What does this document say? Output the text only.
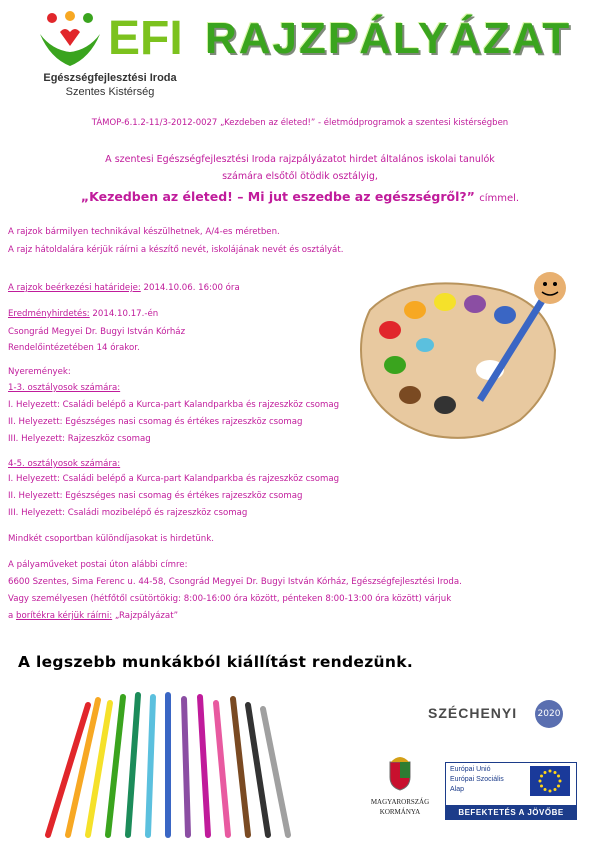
EFI
Egészségfejlesztési Iroda
Szentes Kistérség
RAJZPÁLYÁZAT
TÁMOP-6.1.2-11/3-2012-0027 „Kezdeben az életed!” - életmódprogramok a szentesi kistérségben
A szentesi Egészségfejlesztési Iroda rajzpályázatot hirdet általános iskolai tanulók
számára elsőtől ötödik osztályig,
„Kezedben az életed! – Mi jut eszedbe az egészségről?” címmel.
A rajzok bármilyen technikával készülhetnek, A/4-es méretben.
A rajz hátoldalára kérjük ráírni a készítő nevét, iskolájának nevét és osztályát.
A rajzok beérkezési határideje: 2014.10.06. 16:00 óra
Eredményhirdetés: 2014.10.17.-én
Csongrád Megyei Dr. Bugyi István Kórház
Rendelőintézetében 14 órakor.
Nyeremények:
1-3. osztályosok számára:
I. Helyezett: Családi belépő a Kurca-part Kalandparkba és rajzeszköz csomag
II. Helyezett: Egészséges nasi csomag és értékes rajzeszköz csomag
III. Helyezett: Rajzeszköz csomag
4-5. osztályosok számára:
I. Helyezett: Családi belépő a Kurca-part Kalandparkba és rajzeszköz csomag
II. Helyezett: Egészséges nasi csomag és értékes rajzeszköz csomag
III. Helyezett: Családi mozibelépő és rajzeszköz csomag
Mindkét csoportban különdíjasokat is hirdetünk.
A pályaműveket postai úton alábbi címre:
6600 Szentes, Sima Ferenc u. 44-58, Csongrád Megyei Dr. Bugyi István Kórház, Egészségfejlesztési Iroda.
Vagy személyesen (hétfőtől csütörtökig: 8:00-16:00 óra között, pénteken 8:00-13:00 óra között) várjuk
a borítékra kérjük ráírni: „Rajzpályázat”
A legszebb munkákból kiállítást rendezünk.
SZÉCHENYI 2020
MAGYARORSZÁG
KORMÁNYA
Európai Unió
Európai Szociális
Alap
BEFEKTETÉS A JÖVŐBE
